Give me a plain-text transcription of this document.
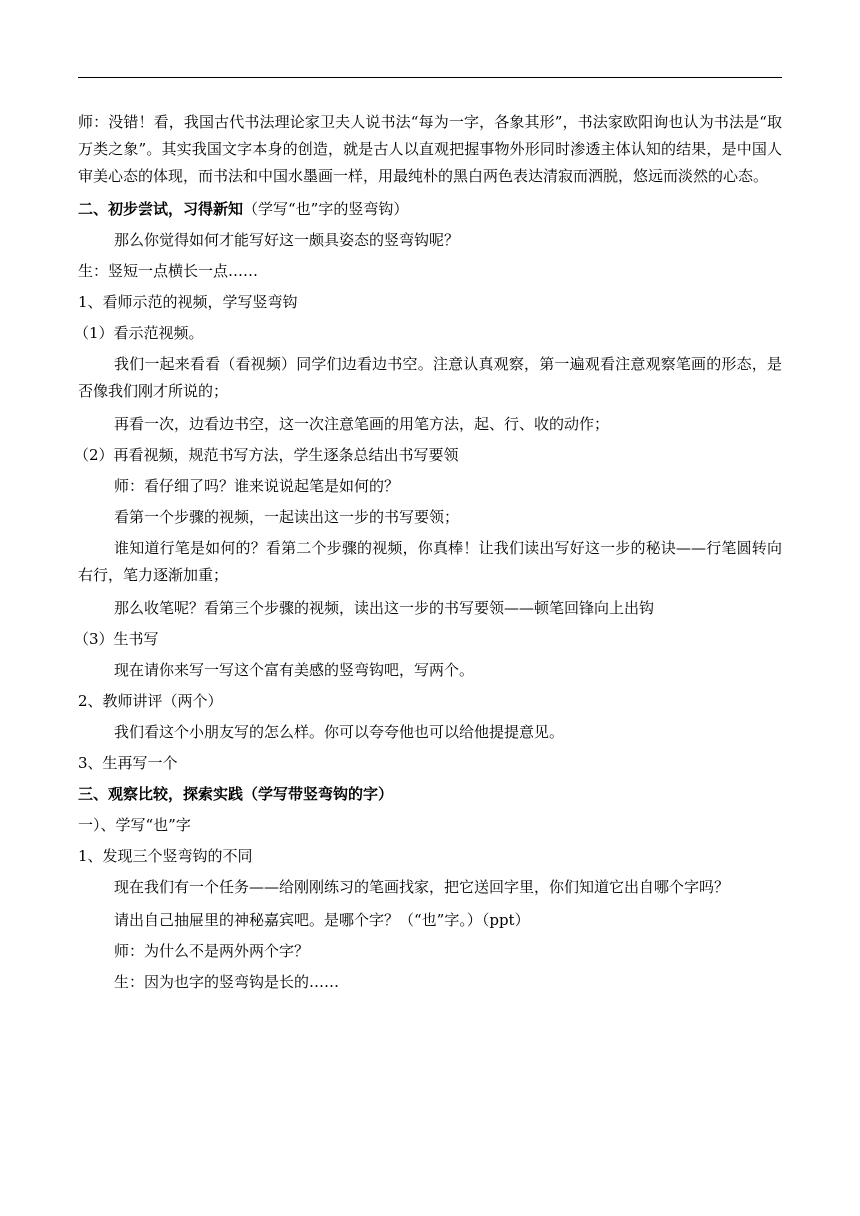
师：没错！看，我国古代书法理论家卫夫人说书法“每为一字，各象其形”，书法家欧阳询也认为书法是“取万类之象”。其实我国文字本身的创造，就是古人以直观把握事物外形同时渗透主体认知的结果，是中国人审美心态的体现，而书法和中国水墨画一样，用最纯朴的黑白两色表达清寂而洒脱，悠远而淡然的心态。

二、初步尝试，习得新知（学写“也”字的竖弯钩）

那么你觉得如何才能写好这一颇具姿态的竖弯钩呢？

生：竖短一点横长一点……

1、看师示范的视频，学写竖弯钩

（1）看示范视频。

我们一起来看看（看视频）同学们边看边书空。注意认真观察，第一遍观看注意观察笔画的形态，是否像我们刚才所说的；

再看一次，边看边书空，这一次注意笔画的用笔方法，起、行、收的动作；

（2）再看视频，规范书写方法，学生逐条总结出书写要领

师：看仔细了吗？谁来说说起笔是如何的？

看第一个步骤的视频，一起读出这一步的书写要领；

谁知道行笔是如何的？看第二个步骤的视频，你真棒！让我们读出写好这一步的秘诀——行笔圆转向右行，笔力逐渐加重；

那么收笔呢？看第三个步骤的视频，读出这一步的书写要领——顿笔回锋向上出钩

（3）生书写

现在请你来写一写这个富有美感的竖弯钩吧，写两个。

2、教师讲评（两个）

我们看这个小朋友写的怎么样。你可以夸夸他也可以给他提提意见。

3、生再写一个

三、观察比较，探索实践（学写带竖弯钩的字）

一）、学写“也”字

1、发现三个竖弯钩的不同

现在我们有一个任务——给刚刚练习的笔画找家，把它送回字里，你们知道它出自哪个字吗？

请出自己抽屉里的神秘嘉宾吧。是哪个字？（“也”字。）（ppt）

师：为什么不是两外两个字？

生：因为也字的竖弯钩是长的……
